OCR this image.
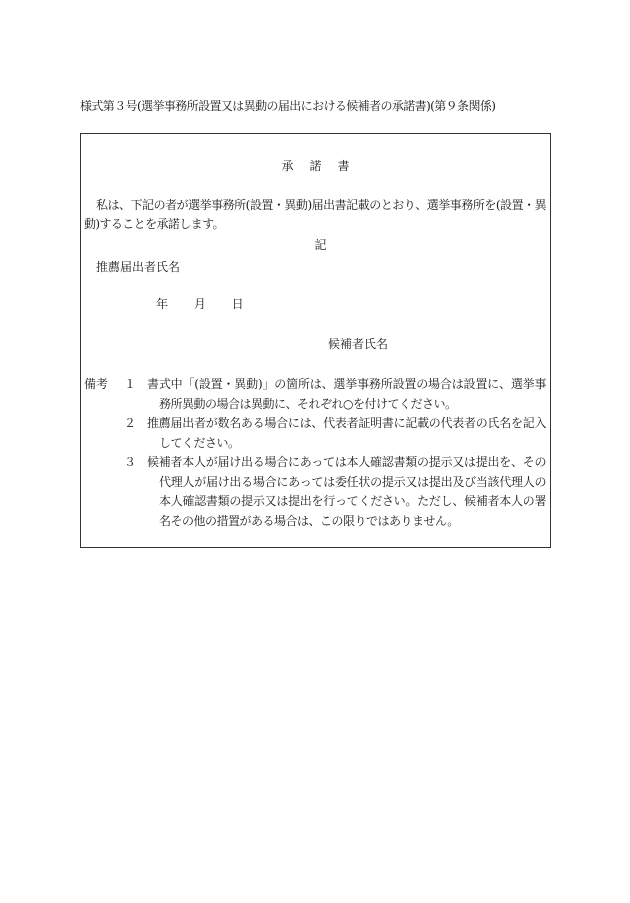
様式第３号(選挙事務所設置又は異動の届出における候補者の承諾書)(第９条関係)
承諾書
私は、下記の者が選挙事務所(設置・異動)届出書記載のとおり、選挙事務所を(設置・異動)することを承諾します。
記
推薦届出者氏名
年 月 日
候補者氏名
備考 １ 書式中「(設置・異動)」の箇所は、選挙事務所設置の場合は設置に、選挙事務所異動の場合は異動に、それぞれ○を付けてください。
２ 推薦届出者が数名ある場合には、代表者証明書に記載の代表者の氏名を記入してください。
３ 候補者本人が届け出る場合にあっては本人確認書類の提示又は提出を、その代理人が届け出る場合にあっては委任状の提示又は提出及び当該代理人の本人確認書類の提示又は提出を行ってください。ただし、候補者本人の署名その他の措置がある場合は、この限りではありません。
